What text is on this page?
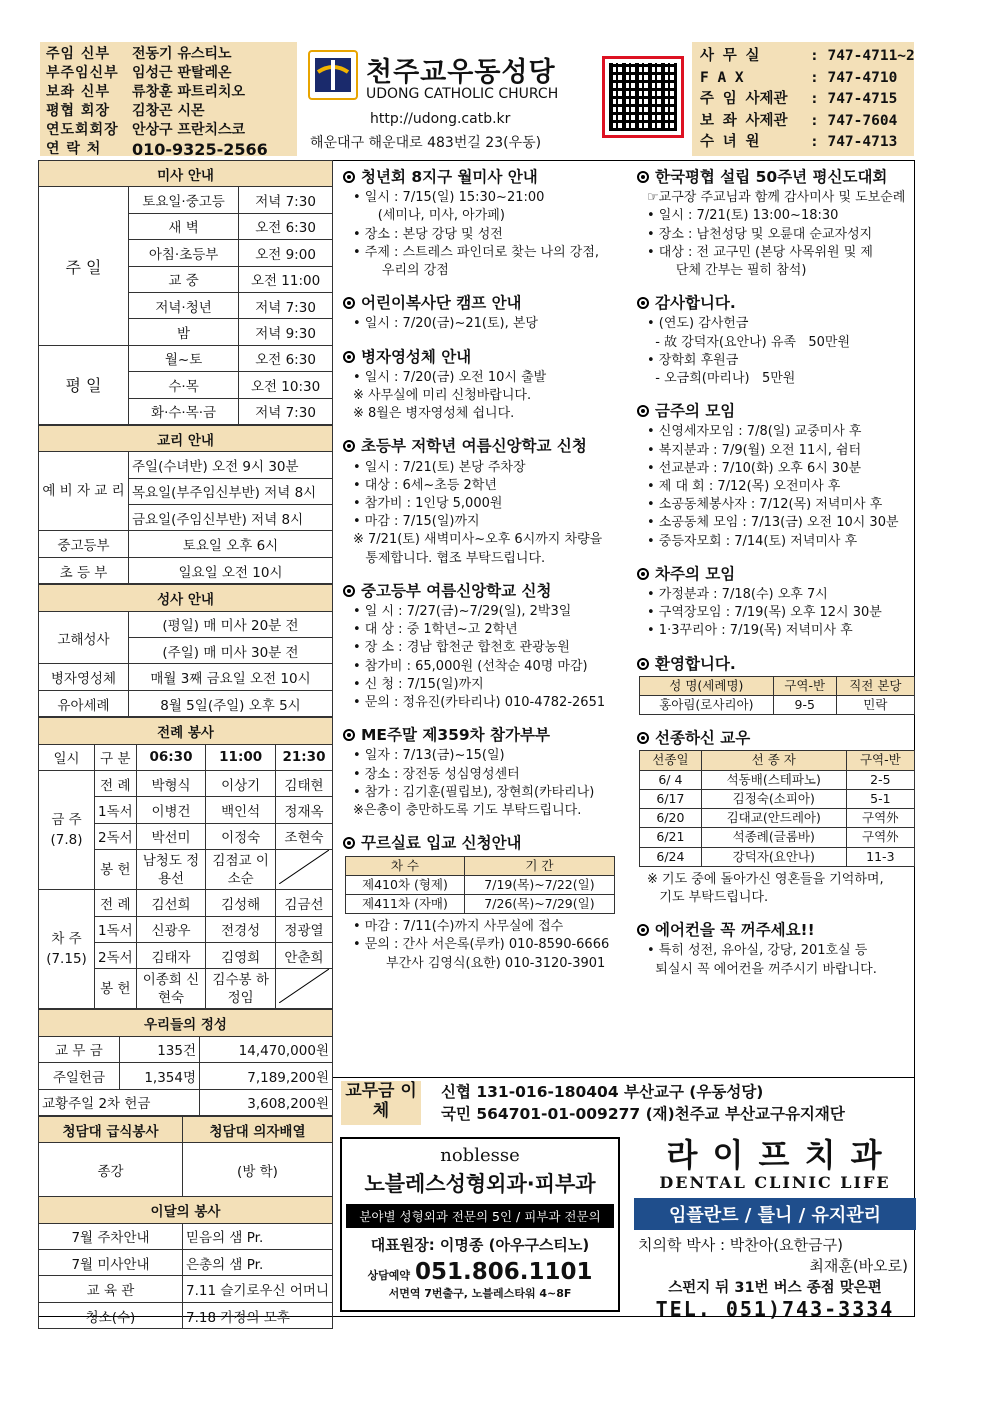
주임 신부	전동기 유스티노
부주임신부 임성근 판탈레온
보좌 신부	류창훈 파트리치오
평협 회장	김창곤 시몬
연도회회장 안상구 프란치스코
연 락 처	010-9325-2566
천주교우동성당
UDONG CATHOLIC CHURCH
http://udong.catb.kr
해운대구 해운대로 483번길 23(우동)
사 무 실	: 747-4711~2
F A X	: 747-4710
주 임 사제관 : 747-4715
보 좌 사제관 : 747-7604
수 녀 원	: 747-4713
미사 안내		
주 일	토요일·중고등	저녁 7:30
	새 벽	오전 6:30
	아침·초등부	오전 9:00
	교 중	오전 11:00
	저녁·청년	저녁 7:30
	밤	저녁 9:30
평 일	월~토	오전 6:30
	수·목	오전 10:30
	화·수·목·금	저녁 7:30
교리 안내	
예 비 자 교 리	주일(수녀반) 오전 9시 30분
	목요일(부주임신부반) 저녁 8시
	금요일(주임신부반) 저녁 8시
중고등부	토요일 오후 6시
초 등 부	일요일 오전 10시
성사 안내	
고해성사	(평일) 매 미사 20분 전
	(주일) 매 미사 30분 전
병자영성체	매월 3째 금요일 오전 10시
유아세례	8월 5일(주일) 오후 5시
전례 봉사				
일시	구 분	06:30	11:00	21:30
금 주 (7.8)	전 례	박형식	이상기	김태현
	1독서	이병건	백인석	정재옥
	2독서	박선미	이정숙	조현숙
	봉 헌	남청도 정용선	김점교 이소순	
차 주 (7.15)	전 례	김선희	김성해	김금선
	1독서	신광우	전경성	정광열
	2독서	김태자	김영희	안춘희
	봉 헌	이종희 신현숙	김수봉 하정임	
우리들의 정성		
교 무 금	135건	14,470,000원
주일헌금	1,354명	7,189,200원
교황주일 2차 헌금		3,608,200원
청담대 급식봉사	청담대 의자배열
종강	(방 학)
이달의 봉사	
7월 주차안내	믿음의 샘 Pr.
7월 미사안내	은총의 샘 Pr.
교 육 관	7.11 슬기로우신 어머니
청소(수)	7.18 가정의 모후
청년회 8지구 월미사 안내
• 일시 : 7/15(일) 15:30~21:00
(세미나, 미사, 아가페)
• 장소 : 본당 강당 및 성전
• 주제 : 스트레스 파인더로 찾는 나의 강점,
우리의 강점
어린이복사단 캠프 안내
• 일시 : 7/20(금)~21(토), 본당
병자영성체 안내
• 일시 : 7/20(금) 오전 10시 출발
※ 사무실에 미리 신청바랍니다.
※ 8월은 병자영성체 쉽니다.
초등부 저학년 여름신앙학교 신청
• 일시 : 7/21(토) 본당 주차장
• 대상 : 6세~초등 2학년
• 참가비 : 1인당 5,000원
• 마감 : 7/15(일)까지
※ 7/21(토) 새벽미사~오후 6시까지 차량을
통제합니다. 협조 부탁드립니다.
중고등부 여름신앙학교 신청
• 일 시 : 7/27(금)~7/29(일), 2박3일
• 대 상 : 중 1학년~고 2학년
• 장 소 : 경남 합천군 합천호 관광농원
• 참가비 : 65,000원 (선착순 40명 마감)
• 신 청 : 7/15(일)까지
• 문의 : 정유진(카타리나) 010-4782-2651
ME주말 제359차 참가부부
• 일자 : 7/13(금)~15(일)
• 장소 : 장전동 성심영성센터
• 참가 : 김기훈(필립보), 장현희(카타리나)
※은총이 충만하도록 기도 부탁드립니다.
꾸르실료 입교 신청안내
차 수	기 간
제410차 (형제)	7/19(목)~7/22(일)
제411차 (자매)	7/26(목)~7/29(일)
• 마감 : 7/11(수)까지 사무실에 접수
• 문의 : 간사 서은록(루카) 010-8590-6666
부간사 김영식(요한) 010-3120-3901
한국평협 설립 50주년 평신도대회
☞교구장 주교님과 함께 감사미사 및 도보순례
• 일시 : 7/21(토) 13:00~18:30
• 장소 : 남천성당 및 오륜대 순교자성지
• 대상 : 전 교구민 (본당 사목위원 및 제
단체 간부는 필히 참석)
감사합니다.
• (연도) 감사헌금
- 故 강덕자(요안나) 유족   50만원
• 장학회 후원금
- 오금희(마리나)   5만원
금주의 모임
• 신영세자모임 : 7/8(일) 교중미사 후
• 복지분과 : 7/9(월) 오전 11시, 쉼터
• 선교분과 : 7/10(화) 오후 6시 30분
• 제 대 회 : 7/12(목) 오전미사 후
• 소공동체봉사자 : 7/12(목) 저녁미사 후
• 소공동체 모임 : 7/13(금) 오전 10시 30분
• 중등자모회 : 7/14(토) 저녁미사 후
차주의 모임
• 가정분과 : 7/18(수) 오후 7시
• 구역장모임 : 7/19(목) 오후 12시 30분
• 1·3꾸리아 : 7/19(목) 저녁미사 후
환영합니다.
성 명(세례명)	구역-반	직전 본당
홍아림(로사리아)	9-5	민락
선종하신 교우
선종일	선 종 자	구역-반
6/ 4	석동배(스테파노)	2-5
6/17	김정숙(소피아)	5-1
6/20	김대교(안드레아)	구역外
6/21	석종례(글롬바)	구역外
6/24	강덕자(요안나)	11-3
※ 기도 중에 돌아가신 영혼들을 기억하며,
기도 부탁드립니다.
에어컨을 꼭 꺼주세요!!
• 특히 성전, 유아실, 강당, 201호실 등
퇴실시 꼭 에어컨을 꺼주시기 바랍니다.
교무금 이 체
신협 131-016-180404 부산교구 (우동성당)
국민 564701-01-009277 (재)천주교 부산교구유지재단
noblesse
노블레스성형외과·피부과
분야별 성형외과 전문의 5인 / 피부과 전문의
대표원장: 이명종 (아우구스티노)
상담예약 051.806.1101
서면역 7번출구, 노블레스타워 4~8F
라 이 프 치 과
DENTAL CLINIC LIFE
임플란트 / 틀니 / 유지관리
치의학 박사 : 박찬아(요한금구)
최재훈(바오로)
스펀지 뒤 31번 버스 종점 맞은편
TEL. 051)743-3334
